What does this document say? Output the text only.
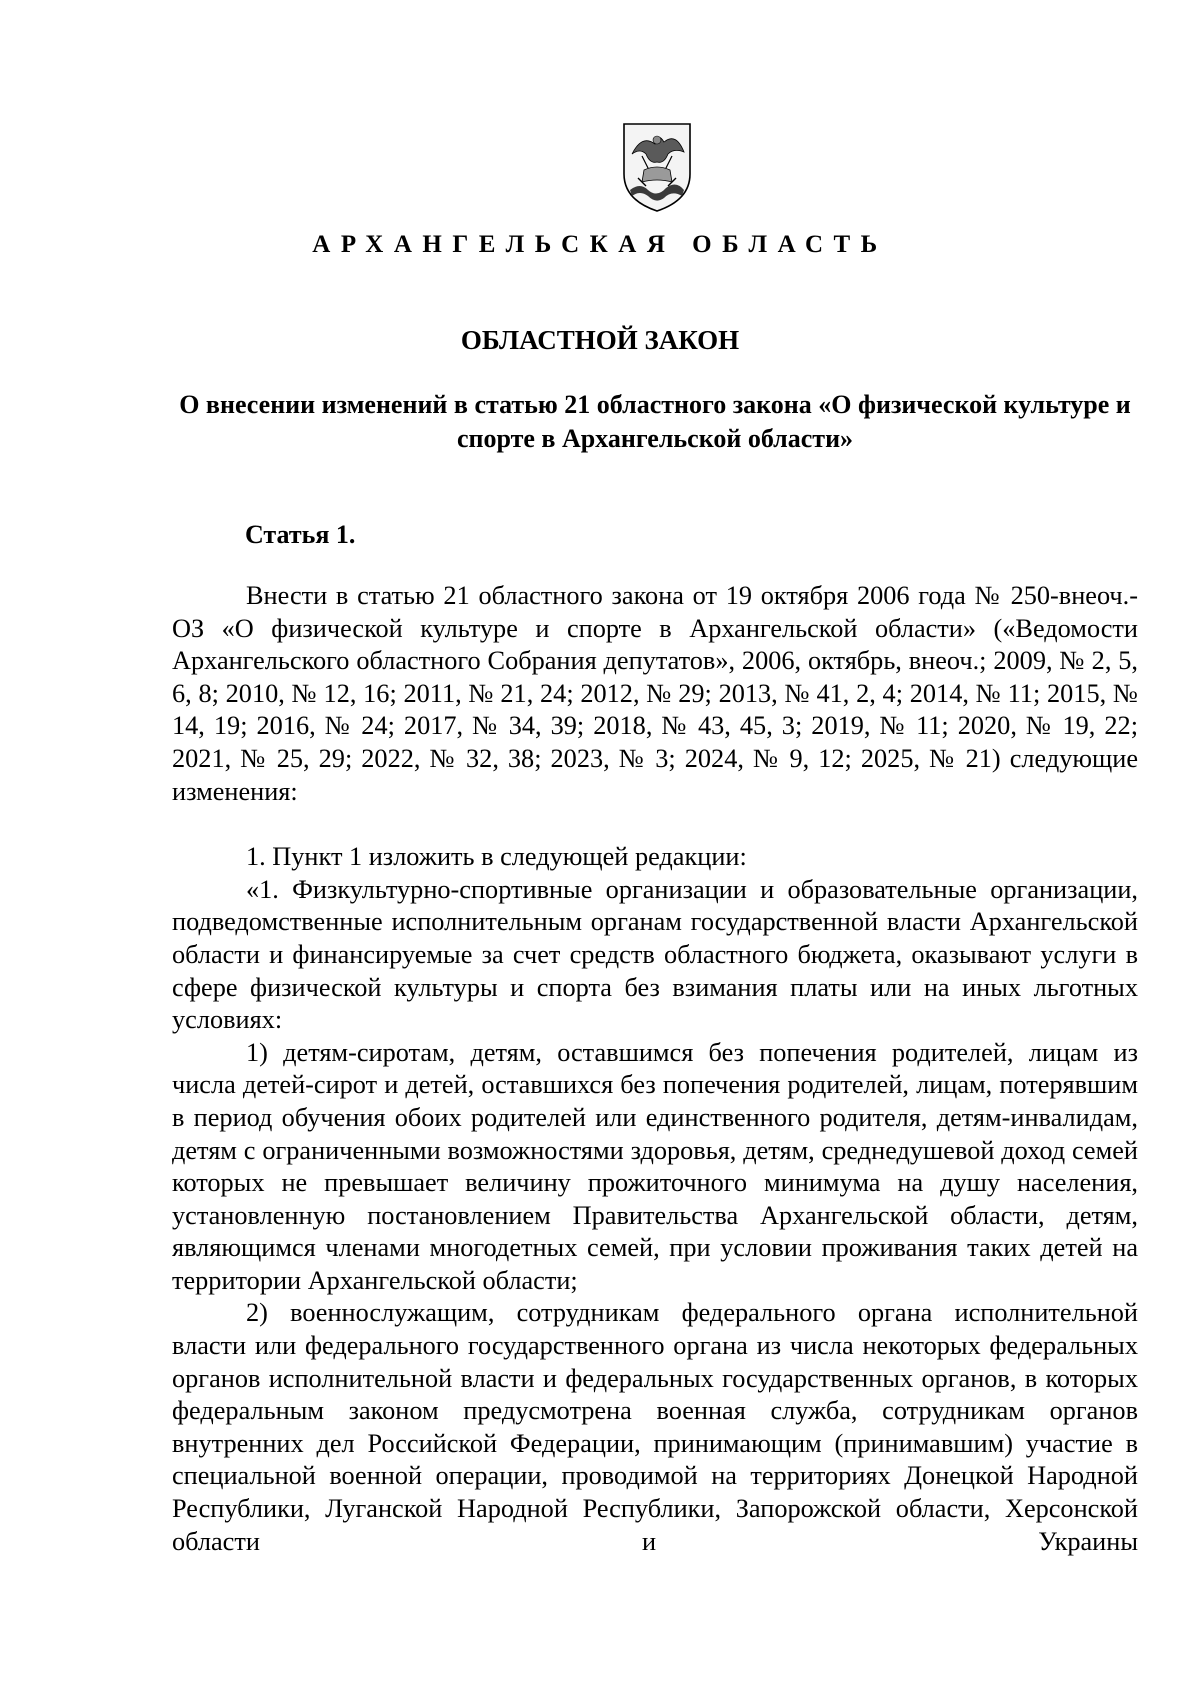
АРХАНГЕЛЬСКАЯ ОБЛАСТЬ
ОБЛАСТНОЙ ЗАКОН
О внесении изменений в статью 21 областного закона «О физической культуре и спорте в Архангельской области»
Статья 1.

Внести в статью 21 областного закона от 19 октября 2006 года № 250-внеоч.-ОЗ «О физической культуре и спорте в Архангельской области» («Ведомости Архангельского областного Собрания депутатов», 2006, октябрь, внеоч.; 2009, № 2, 5, 6, 8; 2010, № 12, 16; 2011, № 21, 24; 2012, № 29; 2013, № 41, 2, 4; 2014, № 11; 2015, № 14, 19; 2016, № 24; 2017, № 34, 39; 2018, № 43, 45, 3; 2019, № 11; 2020, № 19, 22; 2021, № 25, 29; 2022, № 32, 38; 2023, № 3; 2024, № 9, 12; 2025, № 21) следующие изменения:

1. Пункт 1 изложить в следующей редакции:

«1. Физкультурно-спортивные организации и образовательные организации, подведомственные исполнительным органам государственной власти Архангельской области и финансируемые за счет средств областного бюджета, оказывают услуги в сфере физической культуры и спорта без взимания платы или на иных льготных условиях:

1) детям-сиротам, детям, оставшимся без попечения родителей, лицам из числа детей-сирот и детей, оставшихся без попечения родителей, лицам, потерявшим в период обучения обоих родителей или единственного родителя, детям-инвалидам, детям с ограниченными возможностями здоровья, детям, среднедушевой доход семей которых не превышает величину прожиточного минимума на душу населения, установленную постановлением Правительства Архангельской области, детям, являющимся членами многодетных семей, при условии проживания таких детей на территории Архангельской области;

2) военнослужащим, сотрудникам федерального органа исполнительной власти или федерального государственного органа из числа некоторых федеральных органов исполнительной власти и федеральных государственных органов, в которых федеральным законом предусмотрена военная служба, сотрудникам органов внутренних дел Российской Федерации, принимающим (принимавшим) участие в специальной военной операции, проводимой на территориях Донецкой Народной Республики, Луганской Народной Республики, Запорожской области, Херсонской области и Украины
